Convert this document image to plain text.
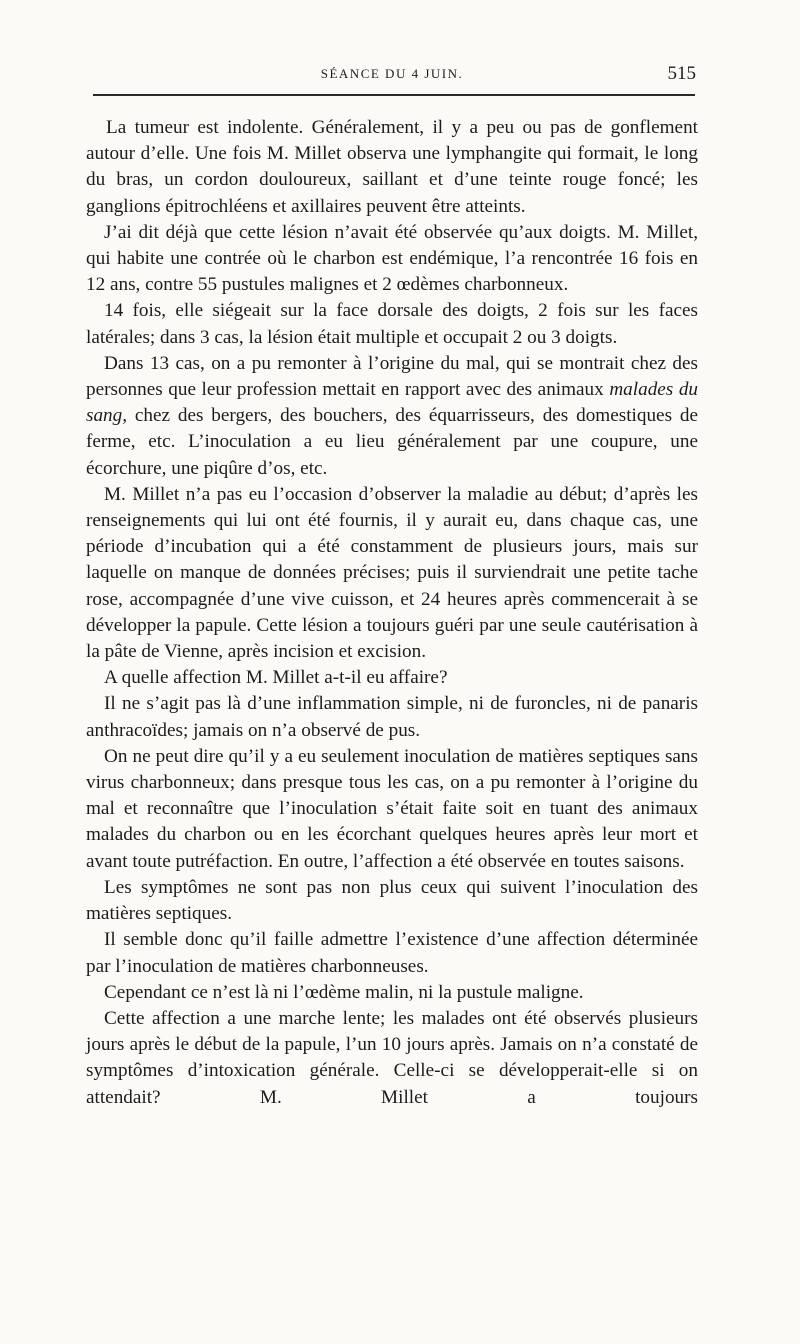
SÉANCE DU 4 JUIN.	515

La tumeur est indolente. Généralement, il y a peu ou pas de gonflement autour d’elle. Une fois M. Millet observa une lymphangite qui formait, le long du bras, un cordon douloureux, saillant et d’une teinte rouge foncé; les ganglions épitrochléens et axillaires peuvent être atteints.

J’ai dit déjà que cette lésion n’avait été observée qu’aux doigts. M. Millet, qui habite une contrée où le charbon est endémique, l’a rencontrée 16 fois en 12 ans, contre 55 pustules malignes et 2 œdèmes charbonneux.

14 fois, elle siégeait sur la face dorsale des doigts, 2 fois sur les faces latérales; dans 3 cas, la lésion était multiple et occupait 2 ou 3 doigts.

Dans 13 cas, on a pu remonter à l’origine du mal, qui se montrait chez des personnes que leur profession mettait en rapport avec des animaux malades du sang, chez des bergers, des bouchers, des équarrisseurs, des domestiques de ferme, etc. L’inoculation a eu lieu généralement par une coupure, une écorchure, une piqûre d’os, etc.

M. Millet n’a pas eu l’occasion d’observer la maladie au début; d’après les renseignements qui lui ont été fournis, il y aurait eu, dans chaque cas, une période d’incubation qui a été constamment de plusieurs jours, mais sur laquelle on manque de données précises; puis il surviendrait une petite tache rose, accompagnée d’une vive cuisson, et 24 heures après commencerait à se développer la papule. Cette lésion a toujours guéri par une seule cautérisation à la pâte de Vienne, après incision et excision.

A quelle affection M. Millet a-t-il eu affaire?

Il ne s’agit pas là d’une inflammation simple, ni de furoncles, ni de panaris anthracoïdes; jamais on n’a observé de pus.

On ne peut dire qu’il y a eu seulement inoculation de matières septiques sans virus charbonneux; dans presque tous les cas, on a pu remonter à l’origine du mal et reconnaître que l’inoculation s’était faite soit en tuant des animaux malades du charbon ou en les écorchant quelques heures après leur mort et avant toute putréfaction. En outre, l’affection a été observée en toutes saisons.

Les symptômes ne sont pas non plus ceux qui suivent l’inoculation des matières septiques.

Il semble donc qu’il faille admettre l’existence d’une affection déterminée par l’inoculation de matières charbonneuses.

Cependant ce n’est là ni l’œdème malin, ni la pustule maligne.

Cette affection a une marche lente; les malades ont été observés plusieurs jours après le début de la papule, l’un 10 jours après. Jamais on n’a constaté de symptômes d’intoxication générale. Celle-ci se développerait-elle si on attendait? M. Millet a toujours
